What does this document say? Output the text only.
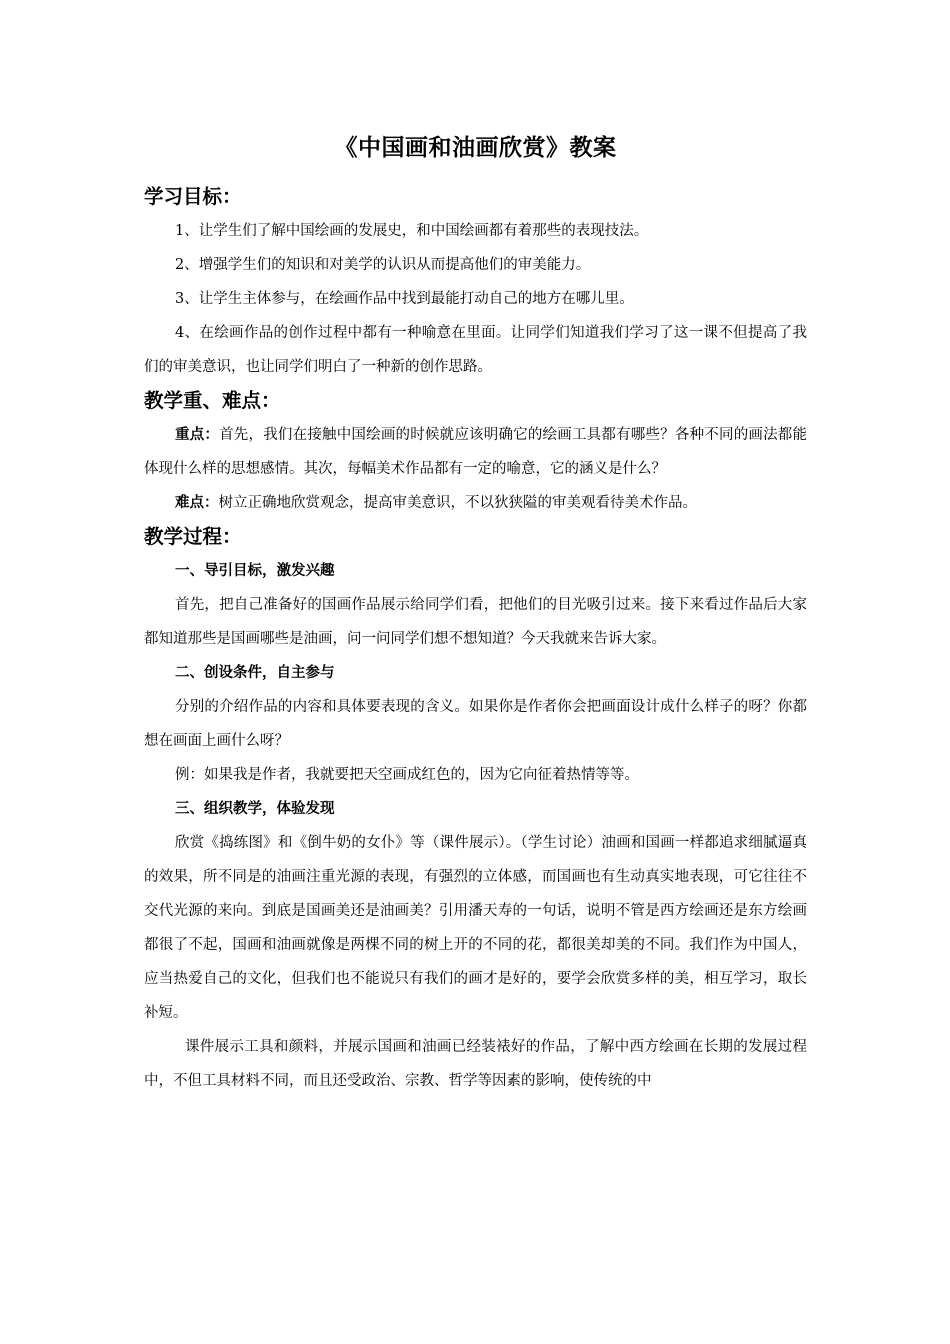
《中国画和油画欣赏》教案
学习目标：

1、让学生们了解中国绘画的发展史，和中国绘画都有着那些的表现技法。

2、增强学生们的知识和对美学的认识从而提高他们的审美能力。

3、让学生主体参与，在绘画作品中找到最能打动自己的地方在哪儿里。

4、在绘画作品的创作过程中都有一种喻意在里面。让同学们知道我们学习了这一课不但提高了我们的审美意识，也让同学们明白了一种新的创作思路。

教学重、难点：

重点：首先，我们在接触中国绘画的时候就应该明确它的绘画工具都有哪些？各种不同的画法都能体现什么样的思想感情。其次，每幅美术作品都有一定的喻意，它的涵义是什么？

难点：树立正确地欣赏观念，提高审美意识，不以狄狭隘的审美观看待美术作品。

教学过程：

一、导引目标，激发兴趣

首先，把自己准备好的国画作品展示给同学们看，把他们的目光吸引过来。接下来看过作品后大家都知道那些是国画哪些是油画，问一问同学们想不想知道？今天我就来告诉大家。

二、创设条件，自主参与

分别的介绍作品的内容和具体要表现的含义。如果你是作者你会把画面设计成什么样子的呀？你都想在画面上画什么呀？

例：如果我是作者，我就要把天空画成红色的，因为它向征着热情等等。

三、组织教学，体验发现

欣赏《捣练图》和《倒牛奶的女仆》等（课件展示）。（学生讨论）油画和国画一样都追求细腻逼真的效果，所不同是的油画注重光源的表现，有强烈的立体感，而国画也有生动真实地表现，可它往往不交代光源的来向。到底是国画美还是油画美？引用潘天寿的一句话，说明不管是西方绘画还是东方绘画都很了不起，国画和油画就像是两棵不同的树上开的不同的花，都很美却美的不同。我们作为中国人，应当热爱自己的文化，但我们也不能说只有我们的画才是好的，要学会欣赏多样的美，相互学习，取长补短。

课件展示工具和颜料，并展示国画和油画已经装裱好的作品，了解中西方绘画在长期的发展过程中，不但工具材料不同，而且还受政治、宗教、哲学等因素的影响，使传统的中
